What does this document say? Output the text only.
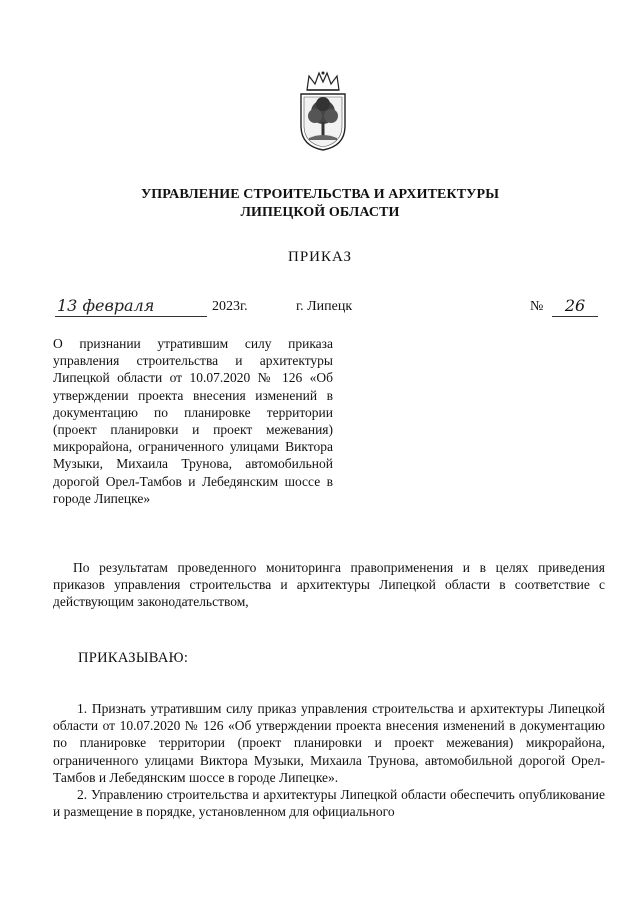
УПРАВЛЕНИЕ СТРОИТЕЛЬСТВА И АРХИТЕКТУРЫ
ЛИПЕЦКОЙ ОБЛАСТИ
ПРИКАЗ
13 февраля	2023г.	г. Липецк	№	26
О признании утратившим силу приказа управления строительства и архитектуры Липецкой области от 10.07.2020 № 126 «Об утверждении проекта внесения изменений в документацию по планировке территории (проект планировки и проект межевания) микрорайона, ограниченного улицами Виктора Музыки, Михаила Трунова, автомобильной дорогой Орел-Тамбов и Лебедянским шоссе в городе Липецке»
По результатам проведенного мониторинга правоприменения и в целях приведения приказов управления строительства и архитектуры Липецкой области в соответствие с действующим законодательством,
ПРИКАЗЫВАЮ:

1. Признать утратившим силу приказ управления строительства и архитектуры Липецкой области от 10.07.2020 № 126 «Об утверждении проекта внесения изменений в документацию по планировке территории (проект планировки и проект межевания) микрорайона, ограниченного улицами Виктора Музыки, Михаила Трунова, автомобильной дорогой Орел-Тамбов и Лебедянским шоссе в городе Липецке».

2. Управлению строительства и архитектуры Липецкой области обеспечить опубликование и размещение в порядке, установленном для официального
